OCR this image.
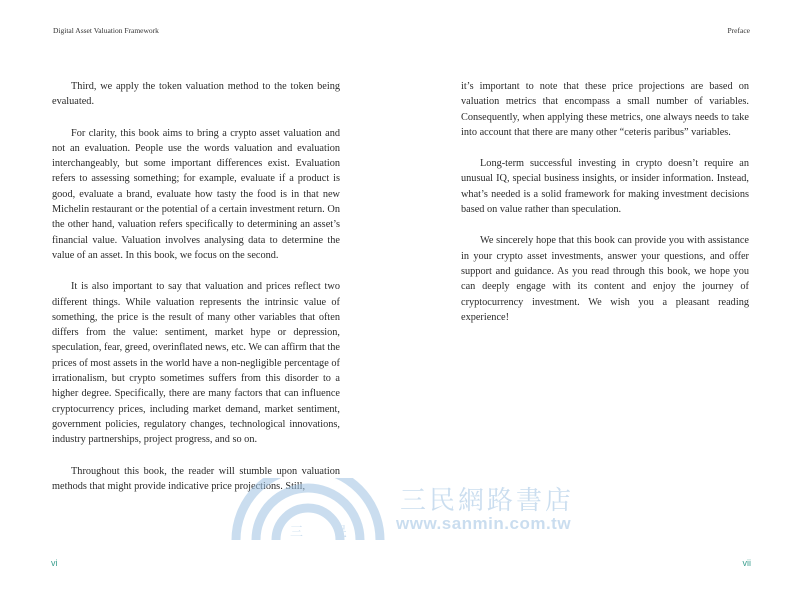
Digital Asset Valuation Framework	Preface

Third, we apply the token valuation method to the token being evaluated.

For clarity, this book aims to bring a crypto asset valuation and not an evaluation. People use the words valuation and evaluation interchangeably, but some important differences exist. Evaluation refers to assessing something; for example, evaluate if a product is good, evaluate a brand, evaluate how tasty the food is in that new Michelin restaurant or the potential of a certain investment return. On the other hand, valuation refers specifically to determining an asset’s financial value. Valuation involves analysing data to determine the value of an asset. In this book, we focus on the second.

It is also important to say that valuation and prices reflect two different things. While valuation represents the intrinsic value of something, the price is the result of many other variables that often differs from the value: sentiment, market hype or depression, speculation, fear, greed, overinflated news, etc. We can affirm that the prices of most assets in the world have a non-negligible percentage of irrationalism, but crypto sometimes suffers from this disorder to a higher degree. Specifically, there are many factors that can influence cryptocurrency prices, including market demand, market sentiment, government policies, regulatory changes, technological innovations, industry partnerships, project progress, and so on.

Throughout this book, the reader will stumble upon valuation methods that might provide indicative price projections. Still,

it’s important to note that these price projections are based on valuation metrics that encompass a small number of variables. Consequently, when applying these metrics, one always needs to take into account that there are many other “ceteris paribus” variables.

Long-term successful investing in crypto doesn’t require an unusual IQ, special business insights, or insider information. Instead, what’s needed is a solid framework for making investment decisions based on value rather than speculation.

We sincerely hope that this book can provide you with assistance in your crypto asset investments, answer your questions, and offer support and guidance. As you read through this book, we hope you can deeply engage with its content and enjoy the journey of cryptocurrency investment. We wish you a pleasant reading experience!

vi	vii
三 民
三民網路書店
www.sanmin.com.tw
